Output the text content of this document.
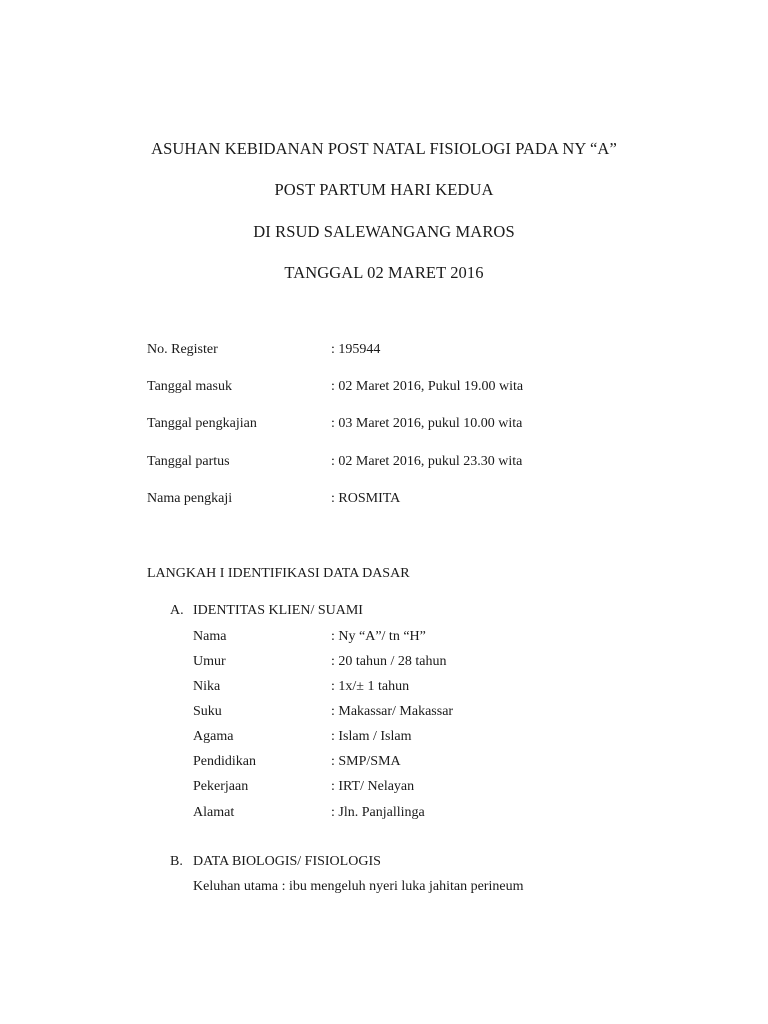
ASUHAN KEBIDANAN POST NATAL FISIOLOGI PADA NY “A”
POST PARTUM HARI KEDUA
DI RSUD SALEWANGANG MAROS
TANGGAL 02 MARET 2016
No. Register	: 195944
Tanggal masuk	: 02 Maret 2016, Pukul 19.00 wita
Tanggal pengkajian	: 03 Maret 2016, pukul 10.00 wita
Tanggal partus	: 02 Maret 2016, pukul 23.30 wita
Nama pengkaji	: ROSMITA
LANGKAH I IDENTIFIKASI DATA DASAR
A. IDENTITAS KLIEN/ SUAMI
Nama	: Ny “A”/ tn “H”
Umur	: 20 tahun / 28 tahun
Nika	: 1x/± 1 tahun
Suku	: Makassar/ Makassar
Agama	: Islam / Islam
Pendidikan	: SMP/SMA
Pekerjaan	: IRT/ Nelayan
Alamat	: Jln. Panjallinga
B. DATA BIOLOGIS/ FISIOLOGIS
Keluhan utama : ibu mengeluh nyeri luka jahitan perineum
